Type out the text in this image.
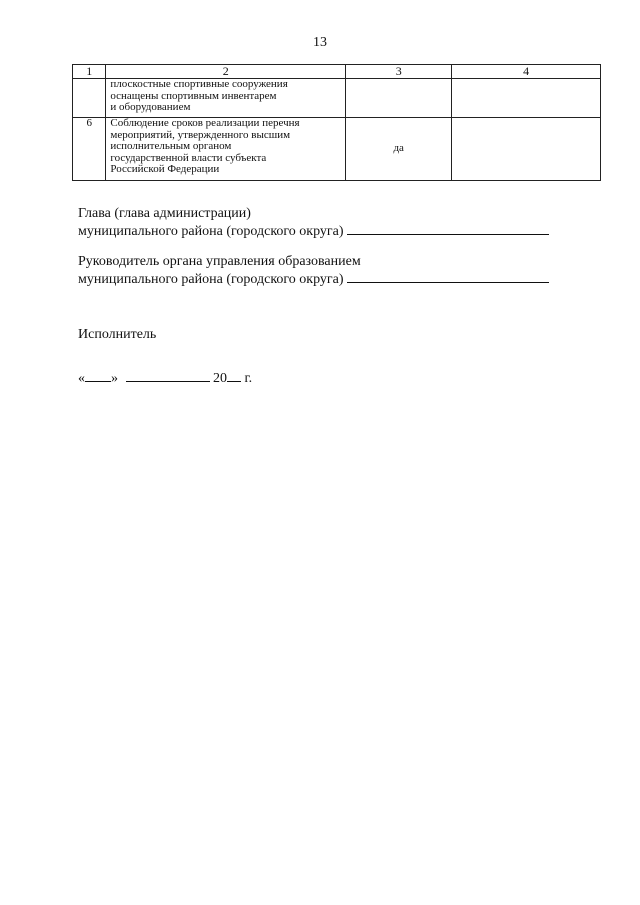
13
1	2	3	4

	плоскостные спортивные сооружения
оснащены спортивным инвентарем
и оборудованием		

6	Соблюдение сроков реализации перечня
мероприятий, утвержденного высшим
исполнительным органом
государственной власти субъекта
Российской Федерации	да	
Глава (глава администрации)
муниципального района (городского округа)
Руководитель органа управления образованием
муниципального района (городского округа)
Исполнитель
« »	20 г.
